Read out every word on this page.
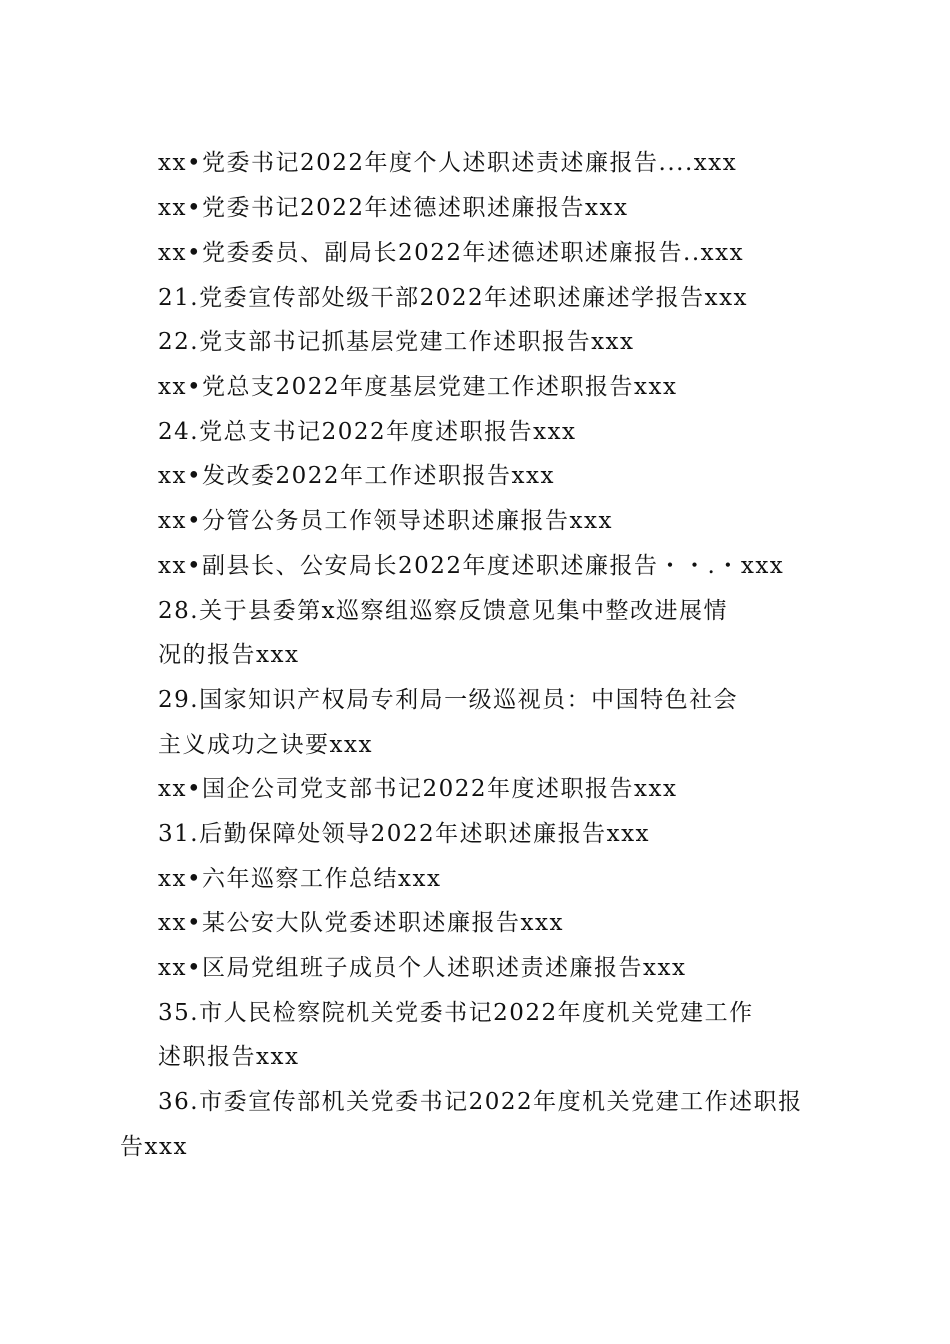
xx•党委书记2022年度个人述职述责述廉报告....xxx
xx•党委书记2022年述德述职述廉报告xxx
xx•党委委员、副局长2022年述德述职述廉报告..xxx
21.党委宣传部处级干部2022年述职述廉述学报告xxx
22.党支部书记抓基层党建工作述职报告xxx
xx•党总支2022年度基层党建工作述职报告xxx
24.党总支书记2022年度述职报告xxx
xx•发改委2022年工作述职报告xxx
xx•分管公务员工作领导述职述廉报告xxx
xx•副县长、公安局长2022年度述职述廉报告・・.・xxx
28.关于县委第x巡察组巡察反馈意见集中整改进展情
况的报告xxx
29.国家知识产权局专利局一级巡视员：中国特色社会
主义成功之诀要xxx
xx•国企公司党支部书记2022年度述职报告xxx
31.后勤保障处领导2022年述职述廉报告xxx
xx•六年巡察工作总结xxx
xx•某公安大队党委述职述廉报告xxx
xx•区局党组班子成员个人述职述责述廉报告xxx
35.市人民检察院机关党委书记2022年度机关党建工作
述职报告xxx
36.市委宣传部机关党委书记2022年度机关党建工作述职报
告xxx
